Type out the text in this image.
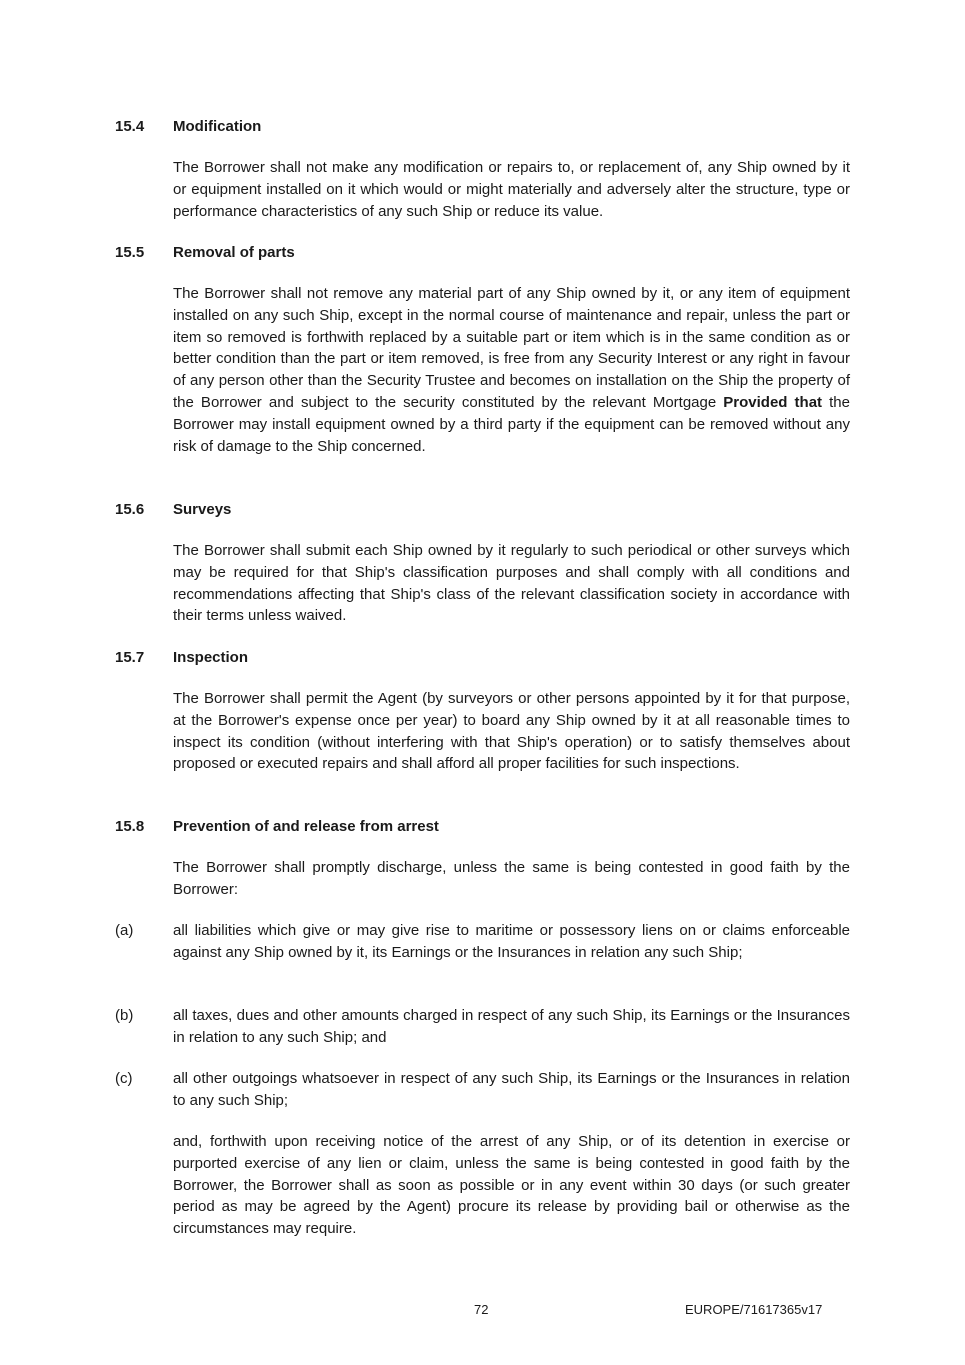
15.4 Modification
The Borrower shall not make any modification or repairs to, or replacement of, any Ship owned by it or equipment installed on it which would or might materially and adversely alter the structure, type or performance characteristics of any such Ship or reduce its value.
15.5 Removal of parts
The Borrower shall not remove any material part of any Ship owned by it, or any item of equipment installed on any such Ship, except in the normal course of maintenance and repair, unless the part or item so removed is forthwith replaced by a suitable part or item which is in the same condition as or better condition than the part or item removed, is free from any Security Interest or any right in favour of any person other than the Security Trustee and becomes on installation on the Ship the property of the Borrower and subject to the security constituted by the relevant Mortgage Provided that the Borrower may install equipment owned by a third party if the equipment can be removed without any risk of damage to the Ship concerned.
15.6 Surveys
The Borrower shall submit each Ship owned by it regularly to such periodical or other surveys which may be required for that Ship's classification purposes and shall comply with all conditions and recommendations affecting that Ship's class of the relevant classification society in accordance with their terms unless waived.
15.7 Inspection
The Borrower shall permit the Agent (by surveyors or other persons appointed by it for that purpose, at the Borrower's expense once per year) to board any Ship owned by it at all reasonable times to inspect its condition (without interfering with that Ship's operation) or to satisfy themselves about proposed or executed repairs and shall afford all proper facilities for such inspections.
15.8 Prevention of and release from arrest
The Borrower shall promptly discharge, unless the same is being contested in good faith by the Borrower:
(a)	all liabilities which give or may give rise to maritime or possessory liens on or claims enforceable against any Ship owned by it, its Earnings or the Insurances in relation any such Ship;
(b)	all taxes, dues and other amounts charged in respect of any such Ship, its Earnings or the Insurances in relation to any such Ship; and
(c)	all other outgoings whatsoever in respect of any such Ship, its Earnings or the Insurances in relation to any such Ship;
and, forthwith upon receiving notice of the arrest of any Ship, or of its detention in exercise or purported exercise of any lien or claim, unless the same is being contested in good faith by the Borrower, the Borrower shall as soon as possible or in any event within 30 days (or such greater period as may be agreed by the Agent) procure its release by providing bail or otherwise as the circumstances may require.
72	EUROPE/71617365v17
